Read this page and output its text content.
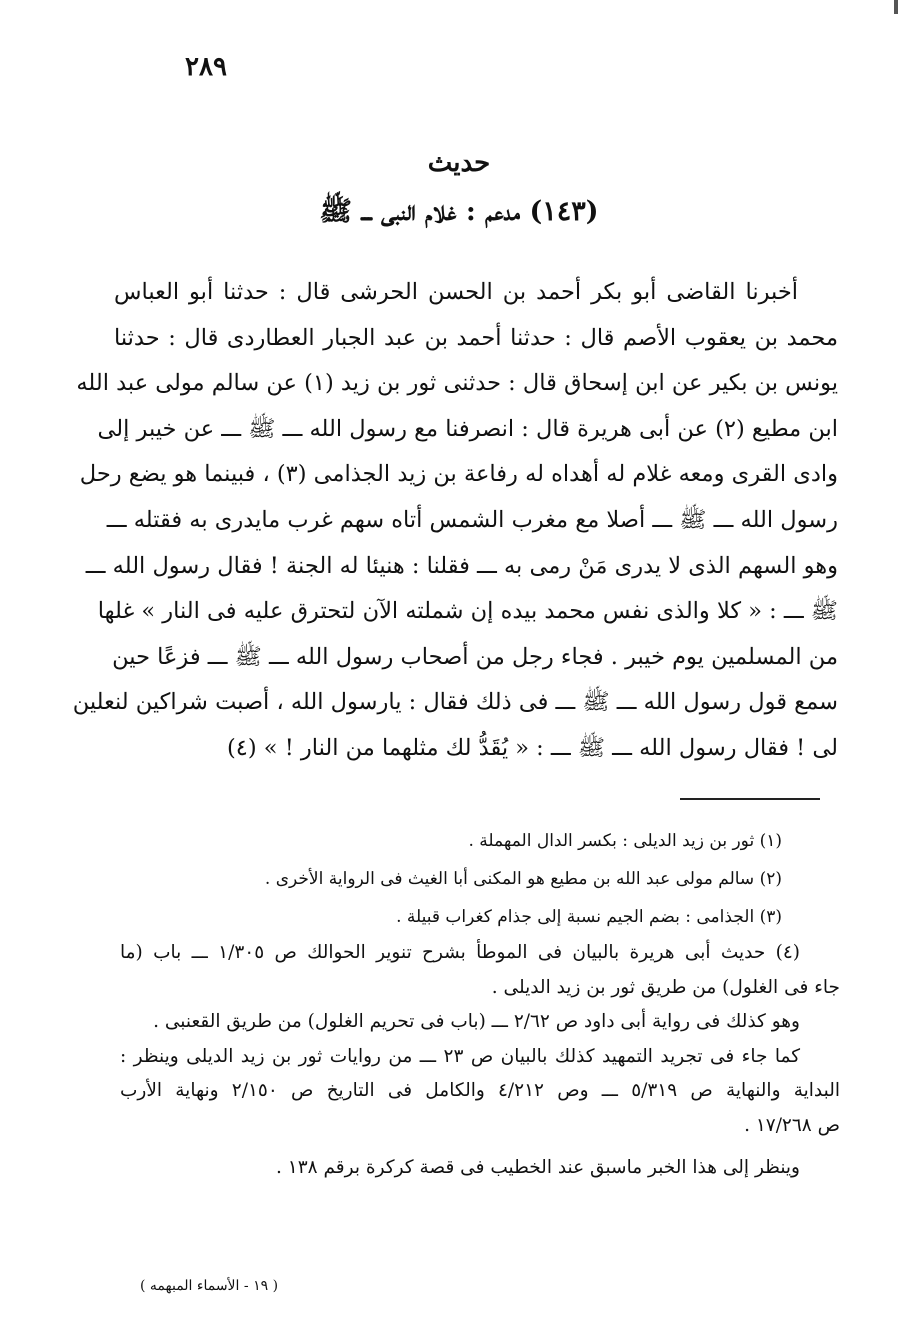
٢٨٩
حديث
(١٤٣) مدعم : غلام النبى ـــ ﷺ
أخبرنا القاضى أبو بكر أحمد بن الحسن الحرشى قال : حدثنا أبو العباس
محمد بن يعقوب الأصم قال : حدثنا أحمد بن عبد الجبار العطاردى قال : حدثنا
يونس بن بكير عن ابن إسحاق قال : حدثنى ثور بن زيد (١) عن سالم مولى عبد الله
ابن مطيع (٢) عن أبى هريرة قال : انصرفنا مع رسول الله ـــ ﷺ ـــ عن خيبر إلى
وادى القرى ومعه غلام له أهداه له رفاعة بن زيد الجذامى (٣) ، فبينما هو يضع رحل
رسول الله ـــ ﷺ ـــ أصلا مع مغرب الشمس أتاه سهم غرب مايدرى به فقتله ـــ
وهو السهم الذى لا يدرى مَنْ رمى به ـــ فقلنا : هنيئا له الجنة ! فقال رسول الله ـــ
ﷺ ـــ : « كلا والذى نفس محمد بيده إن شملته الآن لتحترق عليه فى النار » غلها
من المسلمين يوم خيبر . فجاء رجل من أصحاب رسول الله ـــ ﷺ ـــ فزعًا حين
سمع قول رسول الله ـــ ﷺ ـــ فى ذلك فقال : يارسول الله ، أصبت شراكين لنعلين
لى ! فقال رسول الله ـــ ﷺ ـــ : « يُقَدُّ لك مثلهما من النار ! » (٤)
(١) ثور بن زيد الديلى : بكسر الدال المهملة .
(٢) سالم مولى عبد الله بن مطيع هو المكنى أبا الغيث فى الرواية الأخرى .
(٣) الجذامى : بضم الجيم نسبة إلى جذام كغراب قبيلة .
(٤) حديث أبى هريرة بالبيان فى الموطأ بشرح تنوير الحوالك ص ١/٣٠٥ ـــ باب (ما
جاء فى الغلول) من طريق ثور بن زيد الديلى .
وهو كذلك فى رواية أبى داود ص ٢/٦٢ ـــ (باب فى تحريم الغلول) من طريق القعنبى .
كما جاء فى تجريد التمهيد كذلك بالبيان ص ٢٣ ـــ من روايات ثور بن زيد الديلى وينظر :
البداية والنهاية ص ٥/٣١٩ ـــ وص ٤/٢١٢ والكامل فى التاريخ ص ٢/١٥٠ ونهاية الأرب
ص ١٧/٢٦٨ .
وينظر إلى هذا الخبر ماسبق عند الخطيب فى قصة كركرة برقم ١٣٨ .
( ١٩ - الأسماء المبهمه )
